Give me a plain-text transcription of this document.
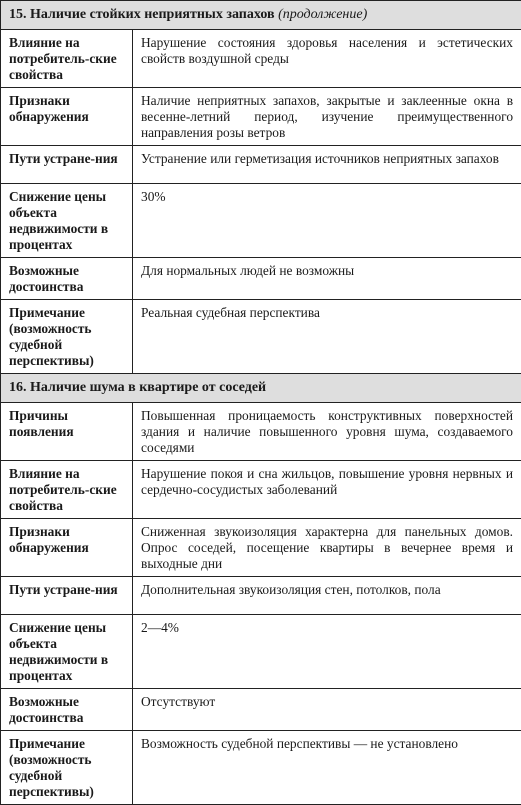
15. Наличие стойких неприятных запахов (продолжение)	
Влияние на потребитель-ские свойства	Нарушение состояния здоровья населения и эстетических свойств воздушной среды
Признаки обнаружения	Наличие неприятных запахов, закрытые и заклеенные окна в весенне-летний период, изучение преимущественного направления розы ветров
Пути устране-ния	Устранение или герметизация источников неприятных запахов
Снижение цены объекта недвижимости в процентах	30%
Возможные достоинства	Для нормальных людей не возможны
Примечание (возможность судебной перспективы)	Реальная судебная перспектива
16. Наличие шума в квартире от соседей	
Причины появления	Повышенная проницаемость конструктивных поверхностей здания и наличие повышенного уровня шума, создаваемого соседями
Влияние на потребитель-ские свойства	Нарушение покоя и сна жильцов, повышение уровня нервных и сердечно-сосудистых заболеваний
Признаки обнаружения	Сниженная звукоизоляция характерна для панельных домов. Опрос соседей, посещение квартиры в вечернее время и выходные дни
Пути устране-ния	Дополнительная звукоизоляция стен, потолков, пола
Снижение цены объекта недвижимости в процентах	2—4%
Возможные достоинства	Отсутствуют
Примечание (возможность судебной перспективы)	Возможность судебной перспективы — не установлено
